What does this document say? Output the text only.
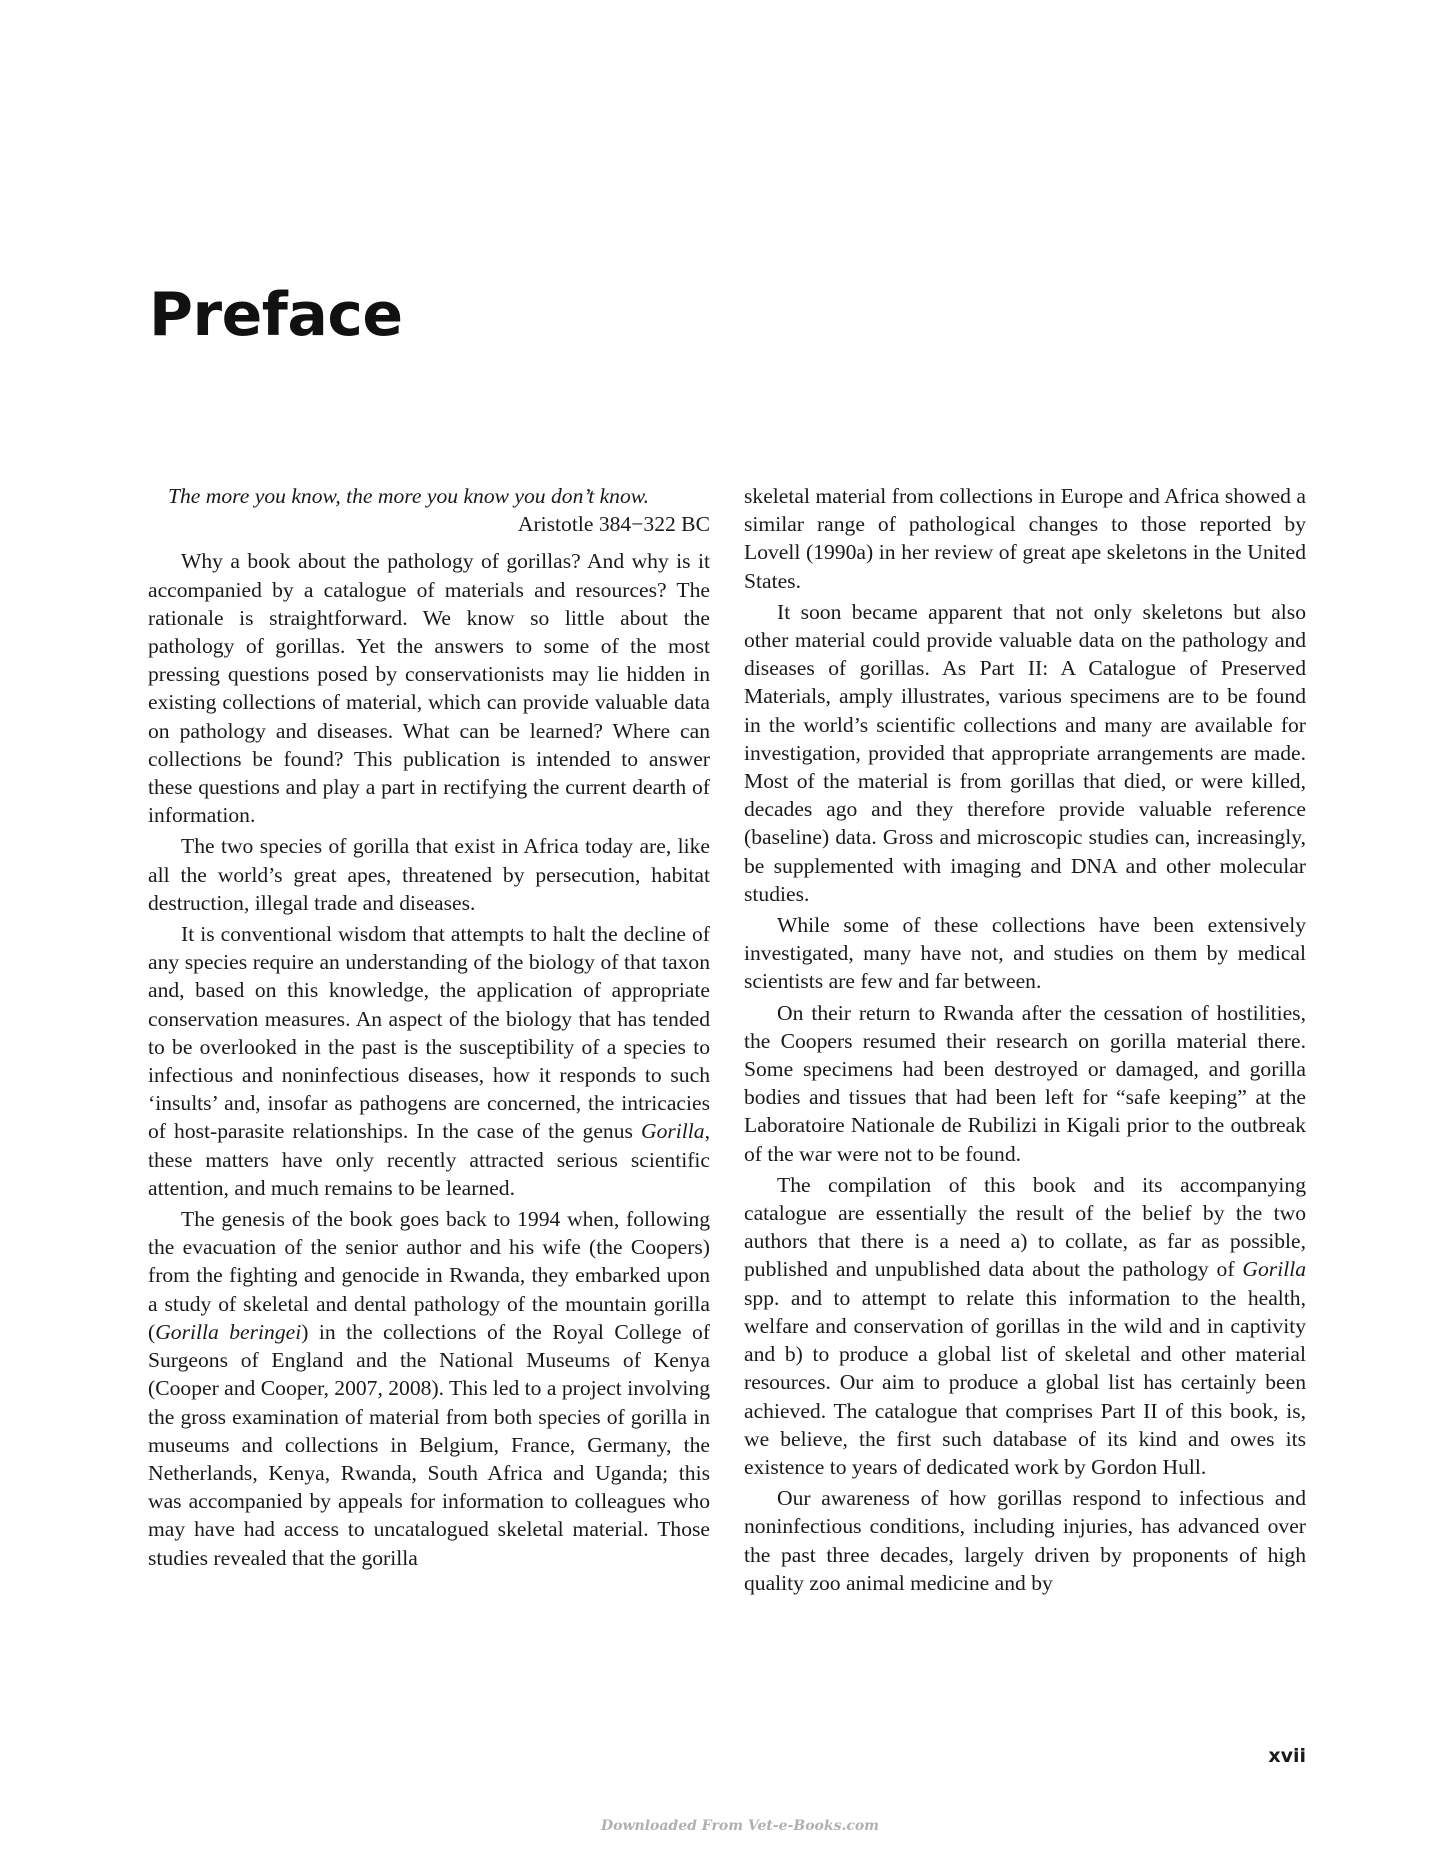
Preface

The more you know, the more you know you don’t know.

Aristotle 384−322 BC

Why a book about the pathology of gorillas? And why is it accompanied by a catalogue of materials and resources? The rationale is straightforward. We know so little about the pathology of gorillas. Yet the answers to some of the most pressing questions posed by conservationists may lie hidden in existing collections of material, which can provide valuable data on pathology and diseases. What can be learned? Where can collections be found? This publication is intended to answer these questions and play a part in rectifying the current dearth of information.

The two species of gorilla that exist in Africa today are, like all the world’s great apes, threatened by persecution, habitat destruction, illegal trade and diseases.

It is conventional wisdom that attempts to halt the decline of any species require an understanding of the biology of that taxon and, based on this knowledge, the application of appropriate conservation measures. An aspect of the biology that has tended to be overlooked in the past is the susceptibility of a species to infectious and noninfectious diseases, how it responds to such ‘insults’ and, insofar as pathogens are concerned, the intricacies of host-parasite relationships. In the case of the genus Gorilla, these matters have only recently attracted serious scientific attention, and much remains to be learned.

The genesis of the book goes back to 1994 when, following the evacuation of the senior author and his wife (the Coopers) from the fighting and genocide in Rwanda, they embarked upon a study of skeletal and dental pathology of the mountain gorilla (Gorilla beringei) in the collections of the Royal College of Surgeons of England and the National Museums of Kenya (Cooper and Cooper, 2007, 2008). This led to a project involving the gross examination of material from both species of gorilla in museums and collections in Belgium, France, Germany, the Netherlands, Kenya, Rwanda, South Africa and Uganda; this was accompanied by appeals for information to colleagues who may have had access to uncatalogued skeletal material. Those studies revealed that the gorilla

skeletal material from collections in Europe and Africa showed a similar range of pathological changes to those reported by Lovell (1990a) in her review of great ape skeletons in the United States.

It soon became apparent that not only skeletons but also other material could provide valuable data on the pathology and diseases of gorillas. As Part II: A Catalogue of Preserved Materials, amply illustrates, various specimens are to be found in the world’s scientific collections and many are available for investigation, provided that appropriate arrangements are made. Most of the material is from gorillas that died, or were killed, decades ago and they therefore provide valuable reference (baseline) data. Gross and microscopic studies can, increasingly, be supplemented with imaging and DNA and other molecular studies.

While some of these collections have been extensively investigated, many have not, and studies on them by medical scientists are few and far between.

On their return to Rwanda after the cessation of hostilities, the Coopers resumed their research on gorilla material there. Some specimens had been destroyed or damaged, and gorilla bodies and tissues that had been left for “safe keeping” at the Laboratoire Nationale de Rubilizi in Kigali prior to the outbreak of the war were not to be found.

The compilation of this book and its accompanying catalogue are essentially the result of the belief by the two authors that there is a need a) to collate, as far as possible, published and unpublished data about the pathology of Gorilla spp. and to attempt to relate this information to the health, welfare and conservation of gorillas in the wild and in captivity and b) to produce a global list of skeletal and other material resources. Our aim to produce a global list has certainly been achieved. The catalogue that comprises Part II of this book, is, we believe, the first such database of its kind and owes its existence to years of dedicated work by Gordon Hull.

Our awareness of how gorillas respond to infectious and noninfectious conditions, including injuries, has advanced over the past three decades, largely driven by proponents of high quality zoo animal medicine and by

xvii
Downloaded From Vet-e-Books.com
